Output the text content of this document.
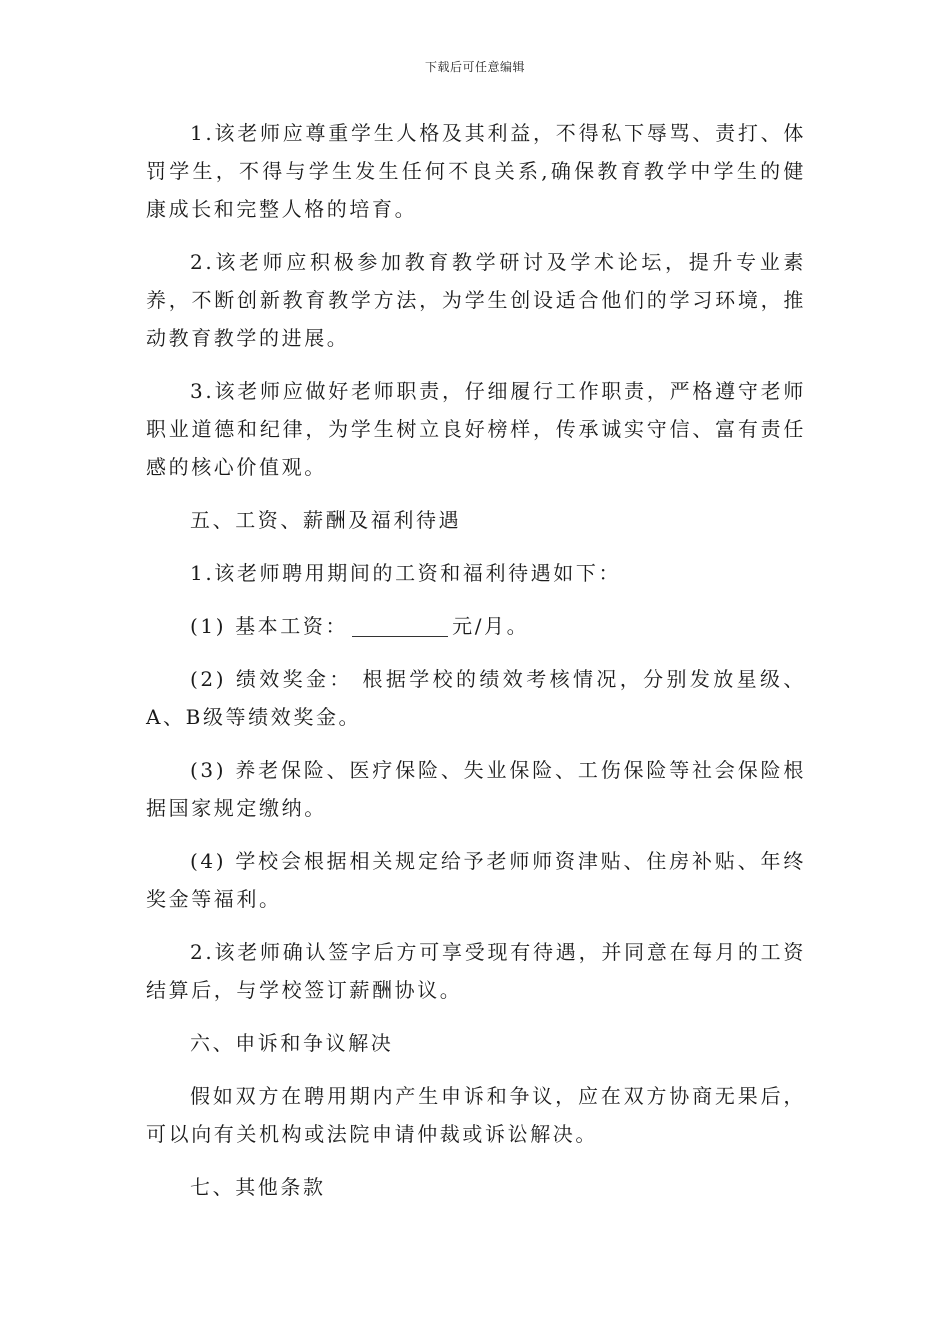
下载后可任意编辑

1.该老师应尊重学生人格及其利益，不得私下辱骂、责打、体罚学生，不得与学生发生任何不良关系,确保教育教学中学生的健康成长和完整人格的培育。

2.该老师应积极参加教育教学研讨及学术论坛，提升专业素养，不断创新教育教学方法，为学生创设适合他们的学习环境，推动教育教学的进展。

3.该老师应做好老师职责，仔细履行工作职责，严格遵守老师职业道德和纪律，为学生树立良好榜样，传承诚实守信、富有责任感的核心价值观。

五、工资、薪酬及福利待遇

1.该老师聘用期间的工资和福利待遇如下：

(1) 基本工资：	元/月。

(2) 绩效奖金： 根据学校的绩效考核情况，分别发放星级、A、B级等绩效奖金。

(3) 养老保险、医疗保险、失业保险、工伤保险等社会保险根据国家规定缴纳。

(4) 学校会根据相关规定给予老师师资津贴、住房补贴、年终奖金等福利。

2.该老师确认签字后方可享受现有待遇，并同意在每月的工资结算后，与学校签订薪酬协议。

六、申诉和争议解决

假如双方在聘用期内产生申诉和争议，应在双方协商无果后，可以向有关机构或法院申请仲裁或诉讼解决。

七、其他条款
